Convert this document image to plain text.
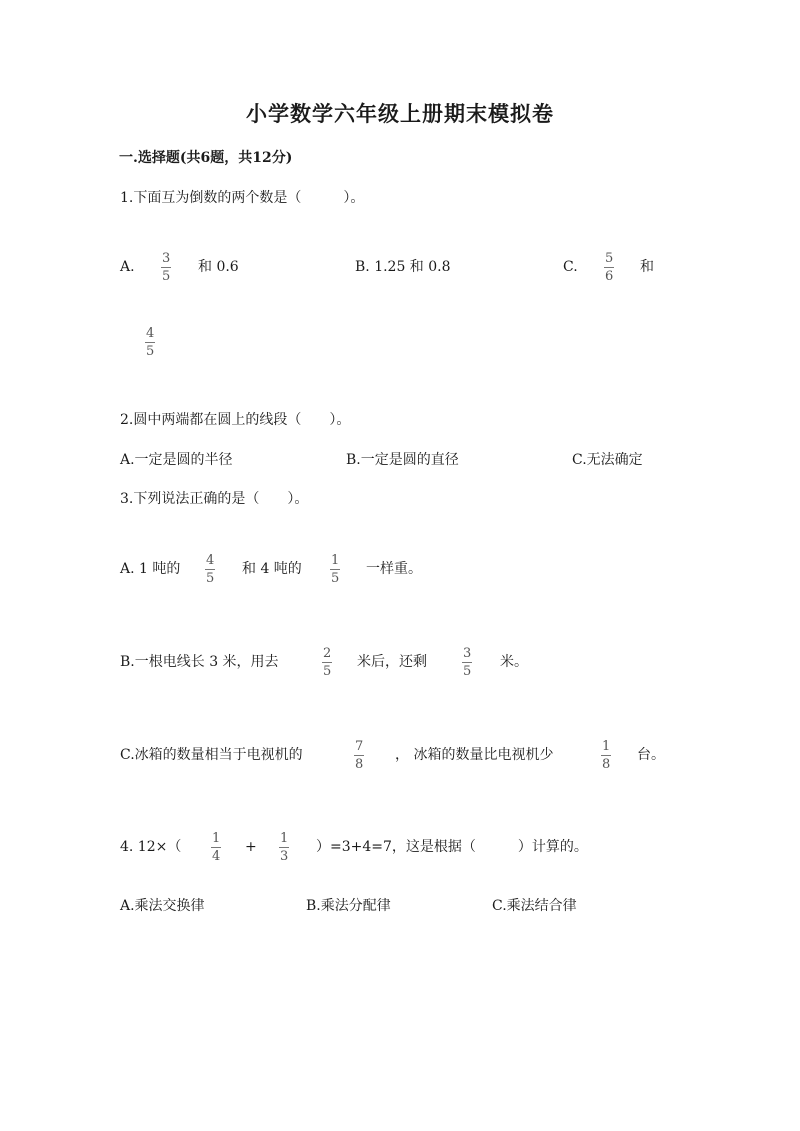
小学数学六年级上册期末模拟卷
一.选择题(共6题，共12分)
1.下面互为倒数的两个数是（　　　）。
A. $\frac{3}{5}$ 和 0.6	B. 1.25 和 0.8	C. $\frac{5}{6}$ 和
$\frac{4}{5}$
2.圆中两端都在圆上的线段（　　）。
A.一定是圆的半径	B.一定是圆的直径	C.无法确定
3.下列说法正确的是（　　）。
A. 1 吨的 $\frac{4}{5}$ 和 4 吨的 $\frac{1}{5}$ 一样重。
B.一根电线长 3 米，用去	$\frac{2}{5}$ 米后，还剩	$\frac{3}{5}$ 米。
C.冰箱的数量相当于电视机的	$\frac{7}{8}$ ， 冰箱的数量比电视机少	$\frac{1}{8}$ 台。
4. $12\times( \frac{1}{4} + \frac{1}{3} )=3+4=7$，这是根据（　　　）计算的。
A.乘法交换律	B.乘法分配律	C.乘法结合律
